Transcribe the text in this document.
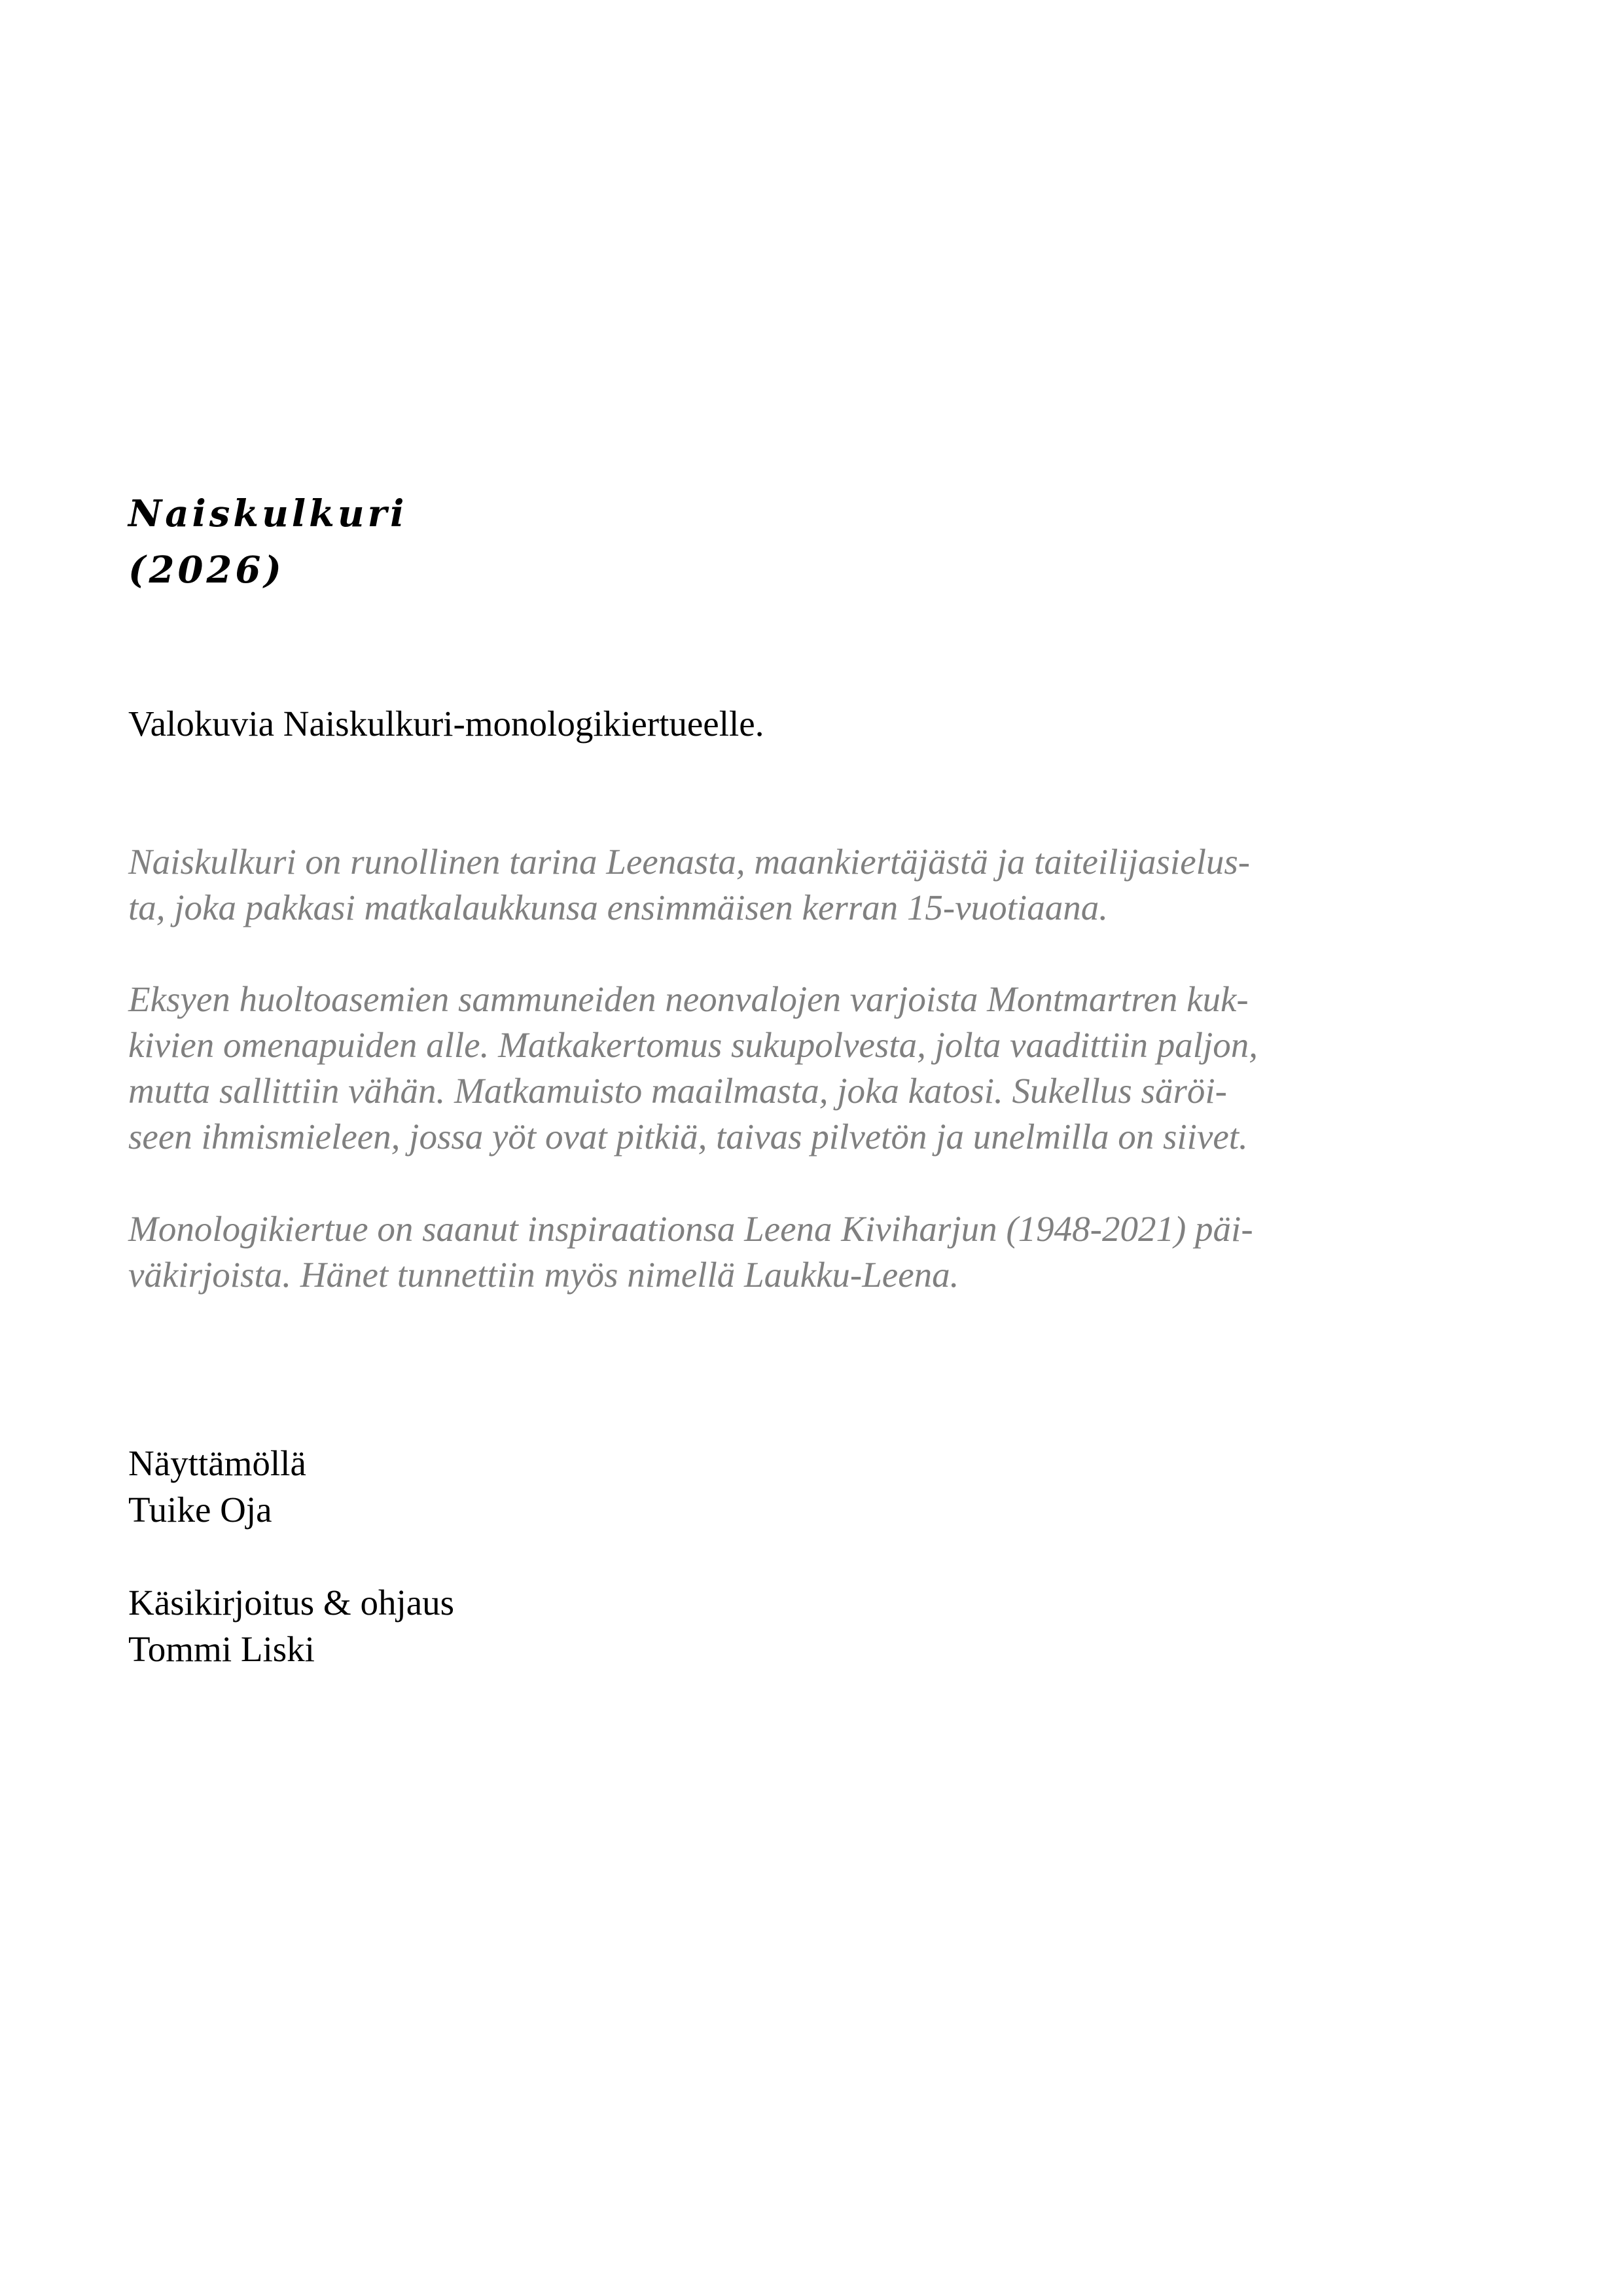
Naiskulkuri
(2026)

Valokuvia Naiskulkuri-monologikiertueelle.

Naiskulkuri on runollinen tarina Leenasta, maankiertäjästä ja taiteilijasielus-
ta, joka pakkasi matkalaukkunsa ensimmäisen kerran 15-vuotiaana.

Eksyen huoltoasemien sammuneiden neonvalojen varjoista Montmartren kuk-
kivien omenapuiden alle. Matkakertomus sukupolvesta, jolta vaadittiin paljon,
mutta sallittiin vähän. Matkamuisto maailmasta, joka katosi. Sukellus säröi-
seen ihmismieleen, jossa yöt ovat pitkiä, taivas pilvetön ja unelmilla on siivet.

Monologikiertue on saanut inspiraationsa Leena Kiviharjun (1948-2021) päi-
väkirjoista. Hänet tunnettiin myös nimellä Laukku-Leena.

Näyttämöllä
Tuike Oja

Käsikirjoitus & ohjaus
Tommi Liski
